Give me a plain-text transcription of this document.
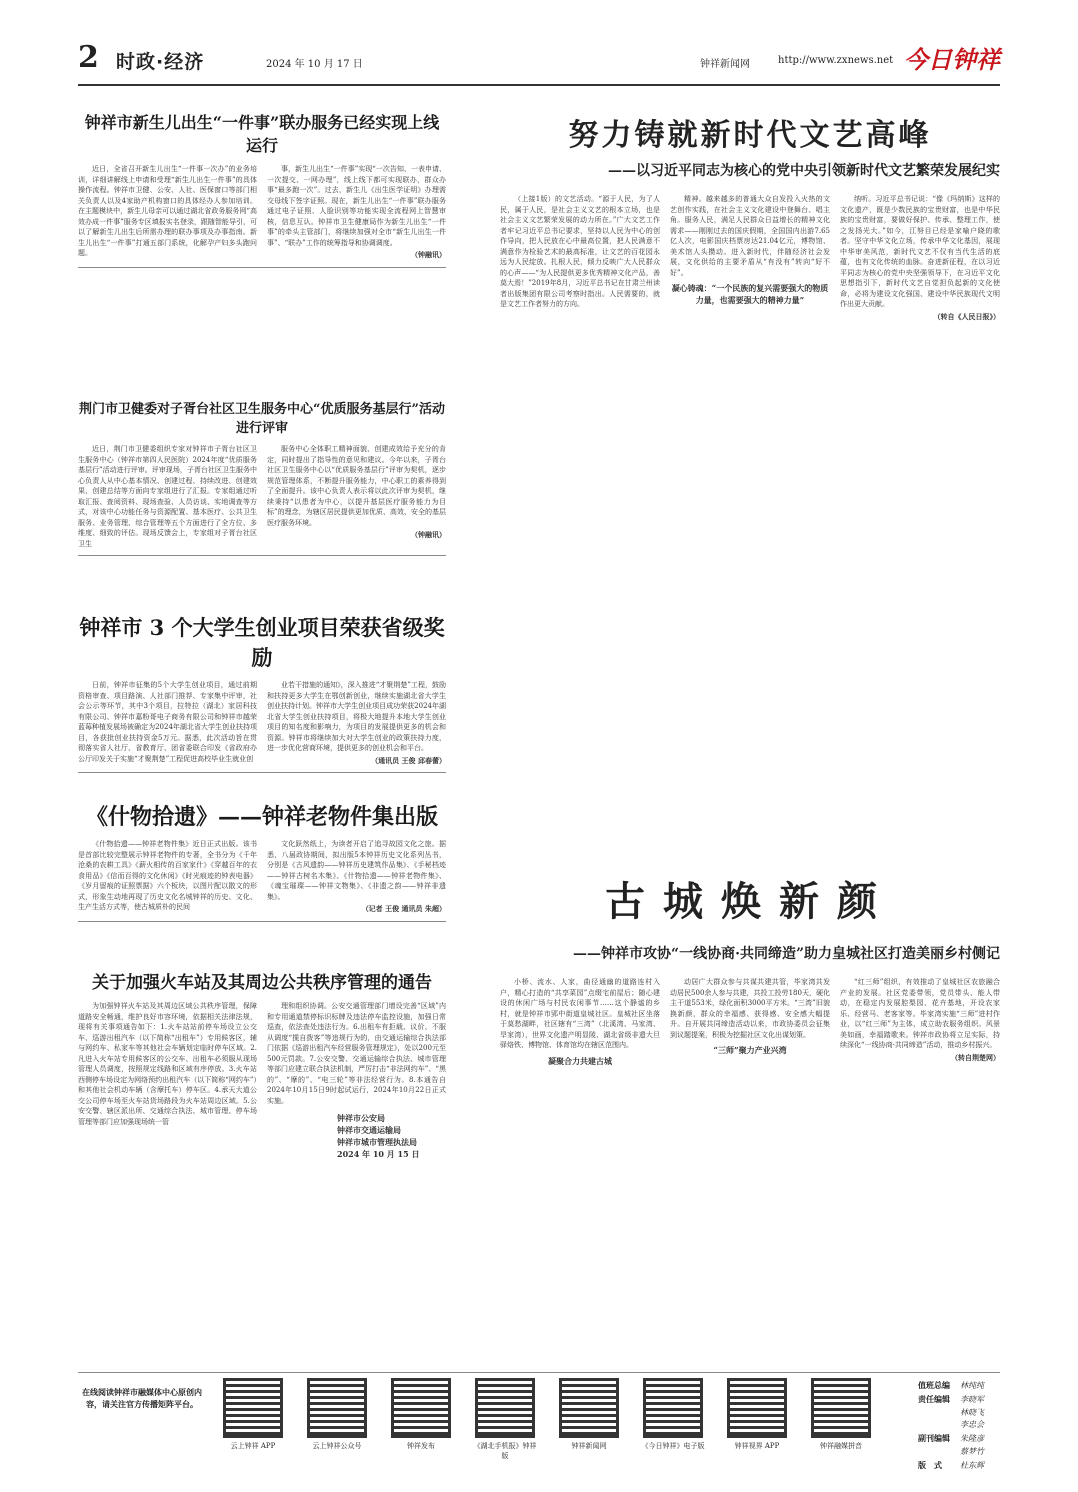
2 时政·经济	2024 年 10 月 17 日	钟祥新闻网	http://www.zxnews.net 今日钟祥
钟祥市新生儿出生“一件事”联办服务已经实现上线运行

近日，全省召开新生儿出生“一件事一次办”的业务培训，详细讲解线上申请和受理“新生儿出生一件事”的具体操作流程。钟祥市卫健、公安、人社、医保窗口等部门相关负责人以及4家助产机构窗口的具体经办人参加培训。在主题模块中，新生儿母亲可以通过湖北省政务服务网“高效办成一件事”服务专区填报实名登录，跟随智能导引，可以了解新生儿出生后所需办理的联办事项及办事指南。新生儿出生“一件事”打通五部门系统，化解孕产妇多头跑问题。

事，新生儿出生“一件事”实现“一次告知、一表申请、一次提交、一网办理”，线上线下都可实现联办，群众办事“最多跑一次”。过去，新生儿《出生医学证明》办理需交母线下签字证照。现在，新生儿出生“一件事”联办服务通过电子证照、人脸识别等功能实现全流程网上智慧审核，信息互认。钟祥市卫生健康局作为新生儿出生“一件事”的牵头主管部门，将继续加强对全市“新生儿出生一件事”、“联办”工作的统筹指导和协调调度。

（钟融讯）
荆门市卫健委对子胥台社区卫生服务中心“优质服务基层行”活动进行评审

近日，荆门市卫健委组织专家对钟祥市子胥台社区卫生服务中心（钟祥市第四人民医院）2024年度“优质服务基层行”活动进行评审。评审现场，子胥台社区卫生服务中心负责人从中心基本情况、创建过程、持续改进、创建效果、创建总结等方面向专家组进行了汇报。专家组通过听取汇报、查阅资料、现场查验、人员访谈、实地调查等方式，对该中心功能任务与资源配置、基本医疗、公共卫生服务、业务管理、综合管理等五个方面进行了全方位、多维度、细致的评估。现场反馈会上，专家组对子胥台社区卫生

服务中心全体职工精神面貌、创建成效给予充分的肯定，同时提出了指导性的意见和建议。今年以来，子胥台社区卫生服务中心以“优质服务基层行”评审为契机，逐步规范管理体系，不断提升服务能力，中心职工的素养得到了全面提升。该中心负责人表示将以此次评审为契机，继续秉持“以患者为中心，以提升基层医疗服务能力为目标”的理念，为辖区居民提供更加优质、高效、安全的基层医疗服务环境。

（钟融讯）
钟祥市 3 个大学生创业项目荣获省级奖励

日前，钟祥市征集的5个大学生创业项目，通过前期资格审查、项目路演、人社部门推荐、专家集中评审，社会公示等环节，其中3个项目，拉特拉（湖北）家居科技有限公司、钟祥市嘉粉哥电子商务有限公司和钟祥市越荣蓝莓种植发展场被确定为2024年湖北省大学生创业扶持项目，各获批创业扶持资金5万元。据悉，此次活动旨在贯彻落实省人社厅、省教育厅、团省委联合印发《省政府办公厅印发关于实施“才聚荆楚”工程促进高校毕业生就业创

业若干措施的通知》，深入推进“才聚荆楚”工程，鼓励和扶持更多大学生在鄂创新创业，继续实施湖北省大学生创业扶持计划。钟祥市大学生创业项目成功荣获2024年湖北省大学生创业扶持项目，将极大地提升本地大学生创业项目的知名度和影响力，为项目的发展提供更多的机会和资源。钟祥市将继续加大对大学生创业的政策扶持力度，进一步优化营商环境，提供更多的创业机会和平台。

（通讯员 王俊 邱春蕾）
《什物拾遗》——钟祥老物件集出版

《什物拾遗——钟祥老物件集》近日正式出版。该书是首部比较完整展示钟祥老物件的专著，全书分为《千年沧桑的农耕工具》《薪火相传的百家家什》《穿越百年的衣食用品》《信而百得的文化休闲》《时光痕迹的钟表电器》《岁月留痕的证照票据》六个板块，以图片配以散文的形式，形象生动地再现了历史文化名城钟祥的历史、文化、生产生活方式等，使古城质朴的民间

文化跃然纸上，为读者开启了追寻故园文化之旅。据悉，八届政协期间，拟出版5本钟祥历史文化系列丛书，分别是《古风遗韵——钟祥历史建筑作品集》、《手秘档迹——钟祥古树名木集》、《什物拾遗——钟祥老物件集》、《魂宝璀璨——钟祥文物集》、《非遗之韵——钟祥非遗集》。

（记者 王俊 通讯员 朱超）
关于加强火车站及其周边公共秩序管理的通告

为加强钟祥火车站及其周边区域公共秩序管理，保障道路安全畅通，维护良好市容环境，依据相关法律法规，现将有关事项通告如下：1.火车站站前停车场设立公交车、巡游出租汽车（以下简称“出租车”）专用候客区，辅与网约车、私家车等其他社会车辆划定临时停车区域。2.凡进入火车站专用候客区的公交车、出租车必须服从现场管理人员调度，按照规定线路和区域有序停放。3.火车站西侧停车场设定为网络预约出租汽车（以下简称“网约车”）和其他社会机动车辆（含摩托车）停车区。4.承天大道公交公司停车场至火车站货场路段为火车站周边区域。5.公安交警、辖区派出所、交通综合执法、城市管理、停车场管理等部门应加强现场统一管

理和组织协调。公安交通管理部门增设完善“区域”内和专用通道禁停标识标牌及违法停车监控设施，加强日常巡查，依法查处违法行为。6.出租车有拒载、议价、不服从调度“揽自拨客”等违规行为的，由交通运输综合执法部门依据《巡游出租汽车经营服务管理规定》，处以200元至500元罚款。7.公安交警、交通运输综合执法、城市管理等部门应建立联合执法机制，严厉打击“非法网约车”、“黑的”、“摩的”、“电三轮”等非法经营行为。8.本通告自2024年10月15日9时起试运行，2024年10月22日正式实施。

钟祥市公安局
钟祥市交通运输局
钟祥市城市管理执法局
2024 年 10 月 15 日
努力铸就新时代文艺高峰
——以习近平同志为核心的党中央引领新时代文艺繁荣发展纪实

（上接1版）的文艺活动。“源于人民，为了人民，属于人民，是社会主义文艺的根本立场，也是社会主义文艺繁荣发展的动力所在。”广大文艺工作者牢记习近平总书记要求，坚持以人民为中心的创作导向，把人民放在心中最高位置，把人民满意不满意作为检验艺术的最高标准，让文艺的百花园永远为人民绽放。扎根人民，倾力反映广大人民群众的心声——“为人民提供更多优秀精神文化产品，善莫大焉！”2019年8月，习近平总书记在甘肃兰州读者出版集团有限公司考察时指出。人民需要的，就是文艺工作者努力的方向。

精神。越来越多的普通大众自发投入火热的文艺创作实践，在社会主义文化建设中登舞台、唱主角。服务人民，满足人民群众日益增长的精神文化需求——刚刚过去的国庆假期，全国国内出游7.65亿人次，电影国庆档票房达21.04亿元，博物馆、美术馆人头攒动。进入新时代，伴随经济社会发展，文化供给的主要矛盾从“有没有”转向“好不好”。

凝心铸魂：“一个民族的复兴需要强大的物质力量，也需要强大的精神力量”

纳听。习近平总书记说：“像《玛纳斯》这样的文化遗产，既是少数民族的宝贵财富，也是中华民族的宝贵财富，要做好保护、传承、整理工作，使之发扬光大。”如今，江努目已经是家喻户晓的歌者。坚守中华文化立场，传承中华文化基因，展现中华审美风范，新时代文艺不仅有当代生活的底蕴，也有文化传统的血脉。奋进新征程，在以习近平同志为核心的党中央坚强领导下，在习近平文化思想指引下，新时代文艺自觉担负起新的文化使命，必将为建设文化强国、建设中华民族现代文明作出更大贡献。

（转自《人民日报》）
古城焕新颜
——钟祥市攻协“一线协商·共同缔造”助力皇城社区打造美丽乡村侧记

小桥、流水、人家，曲径通幽的道路连村入户，精心打造的“共享菜园”点缀宅前屋后；随心建设的休闲广场与村民农闲事节……这个静谧的乡村，就是钟祥市郢中街道皇城社区。皇城社区坐落于莫愁湖畔，社区辖有“三湾”（北溪湾、马家湾、旱家湾），世界文化遗产明显陵、湖北省级非遗大旦驿烙铁、博物馆、体育馆均在辖区范围内。

凝聚合力共建古城

动居广大群众参与共谋共建共管，毕家湾共发动居民500余人参与共建，共投工投劳180天，硬化主干道553米，绿化面积3000平方米。“三湾”旧貌换新颜，群众的幸福感、获得感、安全感大幅提升。自开展共同缔造活动以来，市政协委员会征集到议题提案，积极为挖掘社区文化出谋划策。

“三师”聚力产业兴湾

“红三师”组织，有效推动了皇城社区农旅融合产业的发展。社区党委带领，党员带头、能人带动，在稳定内发展腔梨园、花卉基地，开设农家乐、经营马、老客家等。毕家湾实施“三师”进村作业，以“红三师”为主体，成立助农服务组织。风景美如画，幸福踏歌来。钟祥市政协将立足实际，持续深化“一线协商·共同缔造”活动，推动乡村振兴。

（转自荆楚网）
在线阅读钟祥市融媒体中心原创内容，请关注官方传播矩阵平台。
云上钟祥 APP	云上钟祥公众号	钟祥发布	《湖北手机报》钟祥版
钟祥新闻网	《今日钟祥》电子版	钟祥视界 APP	钟祥融媒拼音
值班总编 林纯纯
责任编辑 李晓军
林晓飞
李忠会
副刊编辑 朱隆彦
蔡梦竹
版　式 杜东辉
